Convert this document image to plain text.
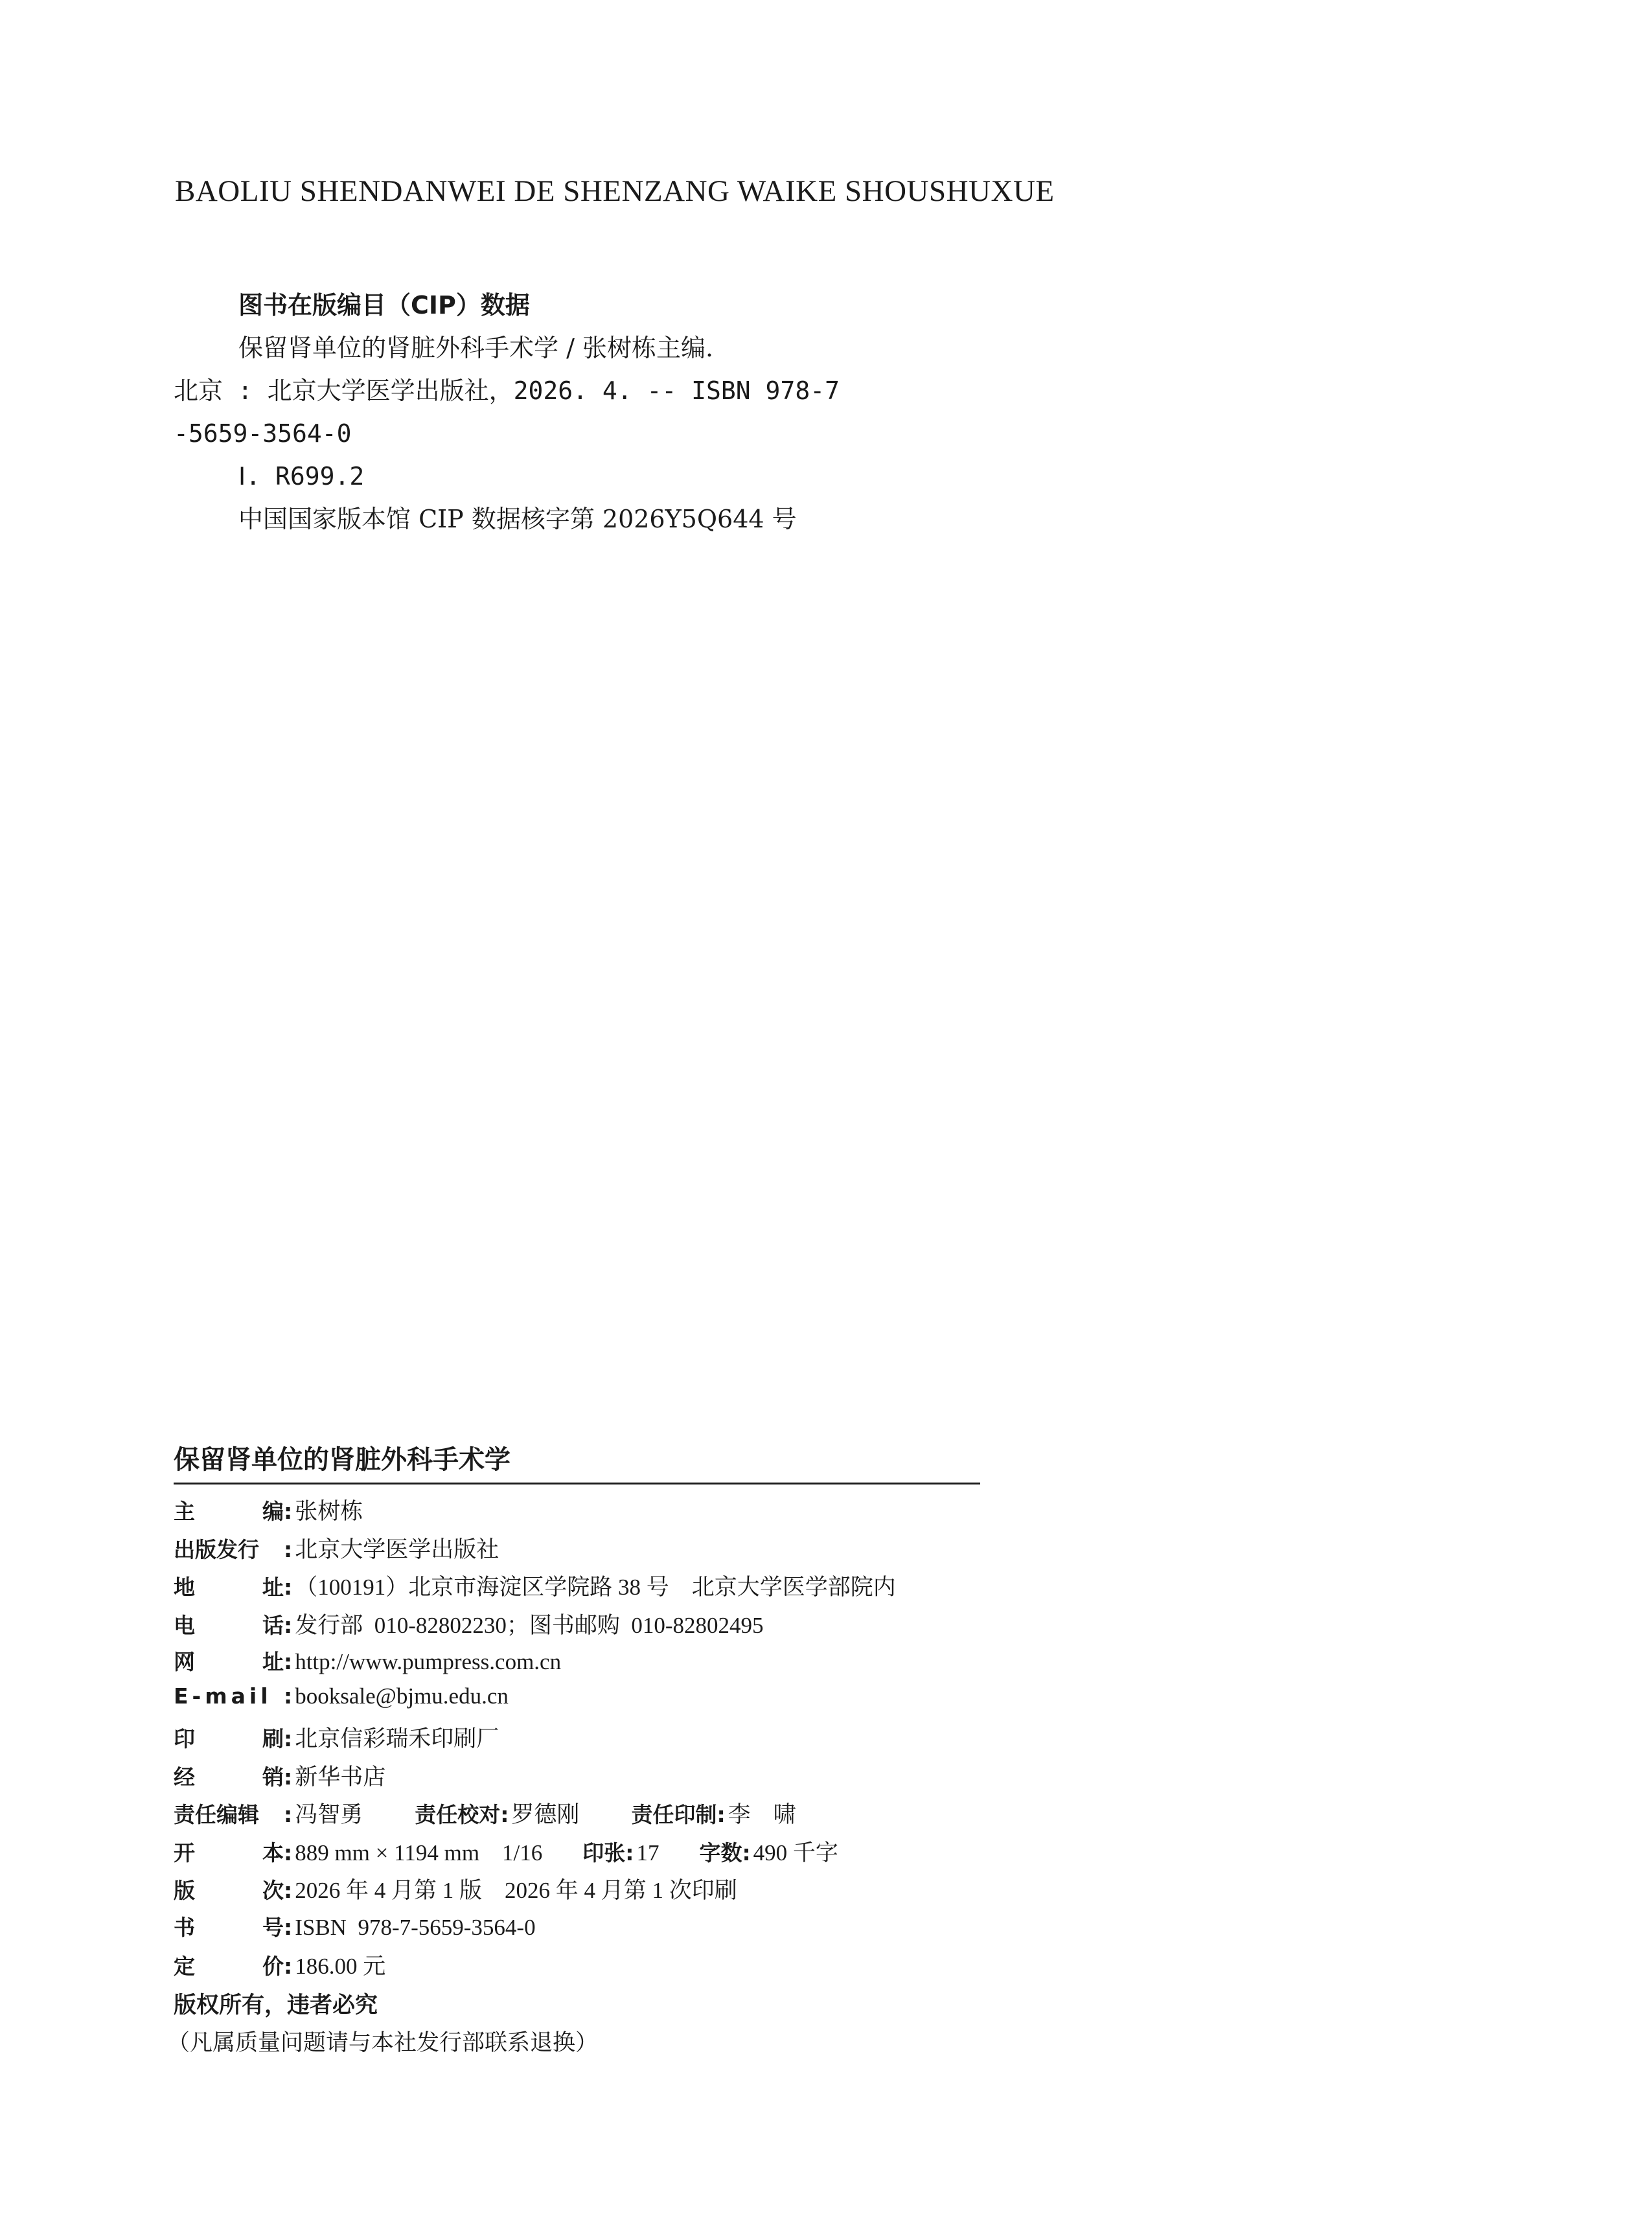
BAOLIU SHENDANWEI DE SHENZANG WAIKE SHOUSHUXUE
图书在版编目（CIP）数据
保留肾单位的肾脏外科手术学 / 张树栋主编.
北京 : 北京大学医学出版社，2026. 4. -- ISBN 978-7
-5659-3564-0
Ⅰ. R699.2
中国国家版本馆 CIP 数据核字第 2026Y5Q644 号
保留肾单位的肾脏外科手术学
主	编 : 张树栋
出版发行	: 北京大学医学出版社
地	址 : （100191）北京市海淀区学院路 38 号　北京大学医学部院内
电	话 : 发行部  010-82802230；图书邮购  010-82802495
网	址 : http://www.pumpress.com.cn
E-mail : booksale@bjmu.edu.cn
印	刷 : 北京信彩瑞禾印刷厂
经	销 : 新华书店
责任编辑	: 冯智勇 责任校对 : 罗德刚 责任印制 : 李　啸
开	本 : 889 mm × 1194 mm　1/16 印张 : 17 字数 : 490 千字
版	次 : 2026 年 4 月第 1 版　2026 年 4 月第 1 次印刷
书	号 : ISBN  978-7-5659-3564-0
定	价 : 186.00 元
版权所有，违者必究
（凡属质量问题请与本社发行部联系退换）
